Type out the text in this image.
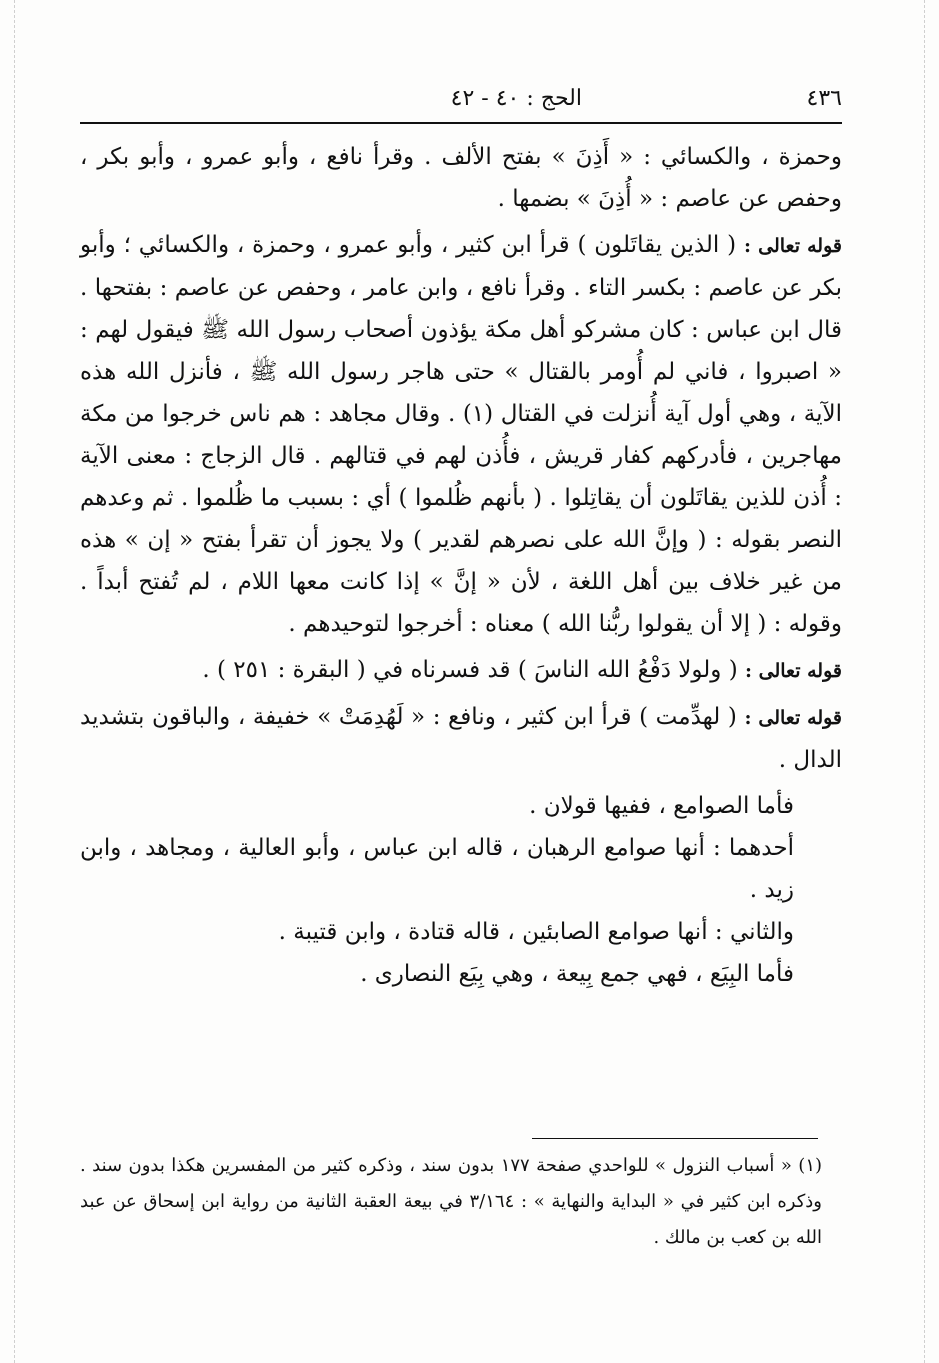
٤٣٦
الحج : ٤٠ - ٤٢

وحمزة ، والكسائي : « أَذِنَ » بفتح الألف . وقرأ نافع ، وأبو عمرو ، وأبو بكر ، وحفص عن عاصم : « أُذِنَ » بضمها .

قوله تعالى : ( الذين يقاتَلون ) قرأ ابن كثير ، وأبو عمرو ، وحمزة ، والكسائي ؛ وأبو بكر عن عاصم : بكسر التاء . وقرأ نافع ، وابن عامر ، وحفص عن عاصم : بفتحها . قال ابن عباس : كان مشركو أهل مكة يؤذون أصحاب رسول الله ﷺ فيقول لهم : « اصبروا ، فاني لم أُومر بالقتال » حتى هاجر رسول الله ﷺ ، فأنزل الله هذه الآية ، وهي أول آية أُنزلت في القتال (١) . وقال مجاهد : هم ناس خرجوا من مكة مهاجرين ، فأدركهم كفار قريش ، فأُذن لهم في قتالهم . قال الزجاج : معنى الآية : أُذن للذين يقاتَلون أن يقاتِلوا . ( بأنهم ظُلموا ) أي : بسبب ما ظُلموا . ثم وعدهم النصر بقوله : ( وإنَّ الله على نصرهم لقدير ) ولا يجوز أن تقرأ بفتح « إن » هذه من غير خلاف بين أهل اللغة ، لأن « إنَّ » إذا كانت معها اللام ، لم تُفتح أبداً . وقوله : ( إلا أن يقولوا ربُّنا الله ) معناه : أخرجوا لتوحيدهم .

قوله تعالى : ( ولولا دَفْعُ الله الناسَ ) قد فسرناه في ( البقرة : ٢٥١ ) .

قوله تعالى : ( لهدِّمت ) قرأ ابن كثير ، ونافع : « لَهُدِمَتْ » خفيفة ، والباقون بتشديد الدال .

فأما الصوامع ، ففيها قولان .

أحدهما : أنها صوامع الرهبان ، قاله ابن عباس ، وأبو العالية ، ومجاهد ، وابن زيد .

والثاني : أنها صوامع الصابئين ، قاله قتادة ، وابن قتيبة .

فأما البِيَع ، فهي جمع بِيعة ، وهي بِيَع النصارى .

(١) « أسباب النزول » للواحدي صفحة ١٧٧ بدون سند ، وذكره كثير من المفسرين هكذا بدون سند . وذكره ابن كثير في « البداية والنهاية » : ٣/١٦٤ في بيعة العقبة الثانية من رواية ابن إسحاق عن عبد الله بن كعب بن مالك .
